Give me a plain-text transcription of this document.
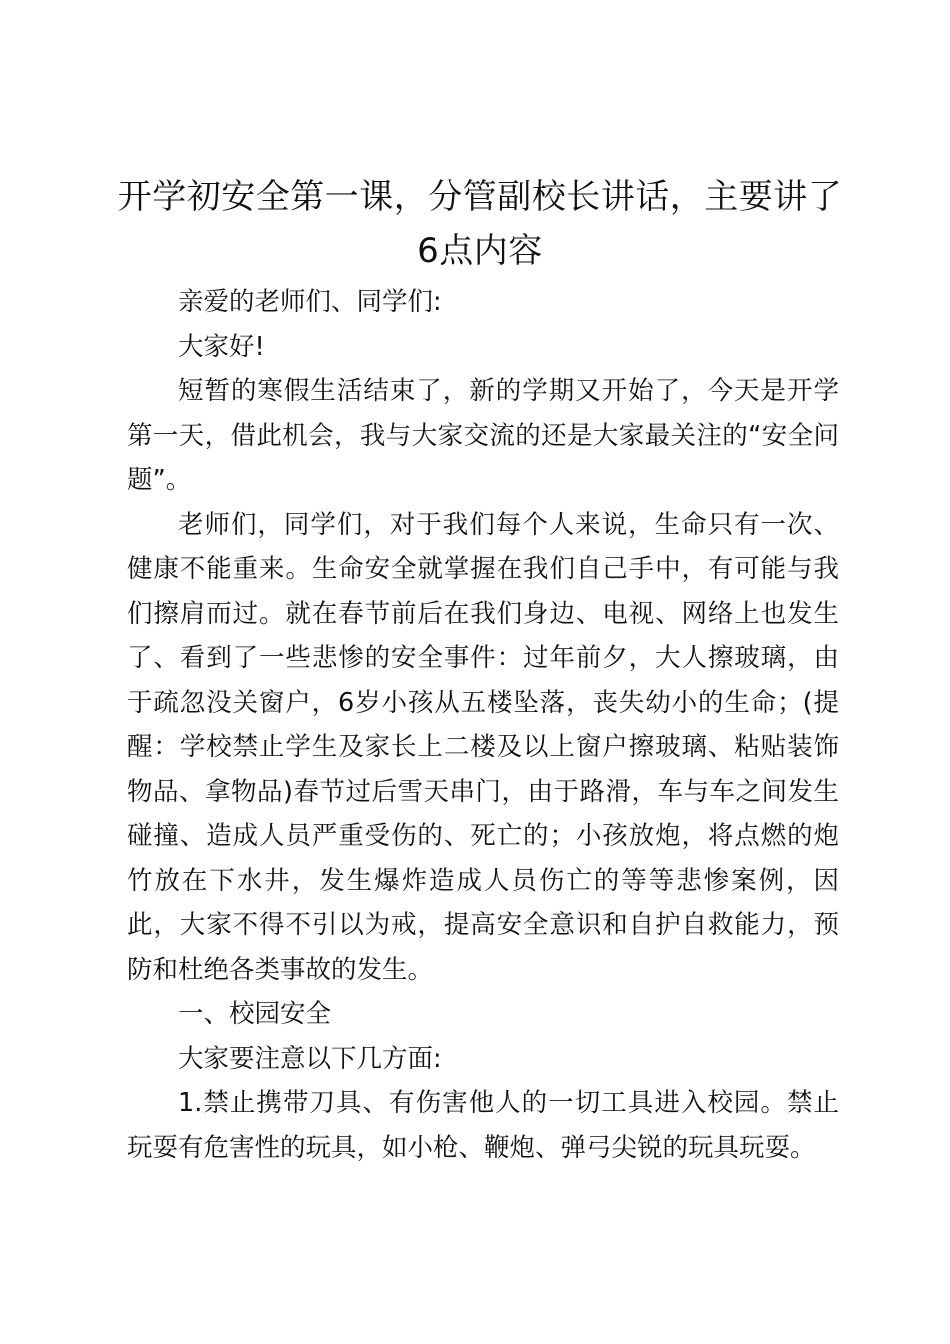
开学初安全第一课，分管副校长讲话，主要讲了6点内容

亲爱的老师们、同学们:

大家好!

短暂的寒假生活结束了，新的学期又开始了，今天是开学第一天，借此机会，我与大家交流的还是大家最关注的“安全问题”。

老师们，同学们，对于我们每个人来说，生命只有一次、健康不能重来。生命安全就掌握在我们自己手中，有可能与我们擦肩而过。就在春节前后在我们身边、电视、网络上也发生了、看到了一些悲惨的安全事件：过年前夕，大人擦玻璃，由于疏忽没关窗户，6岁小孩从五楼坠落，丧失幼小的生命；(提醒：学校禁止学生及家长上二楼及以上窗户擦玻璃、粘贴装饰物品、拿物品)春节过后雪天串门，由于路滑，车与车之间发生碰撞、造成人员严重受伤的、死亡的；小孩放炮，将点燃的炮竹放在下水井，发生爆炸造成人员伤亡的等等悲惨案例，因此，大家不得不引以为戒，提高安全意识和自护自救能力，预防和杜绝各类事故的发生。

一、校园安全

大家要注意以下几方面:

1.禁止携带刀具、有伤害他人的一切工具进入校园。禁止玩耍有危害性的玩具，如小枪、鞭炮、弹弓尖锐的玩具玩耍。
